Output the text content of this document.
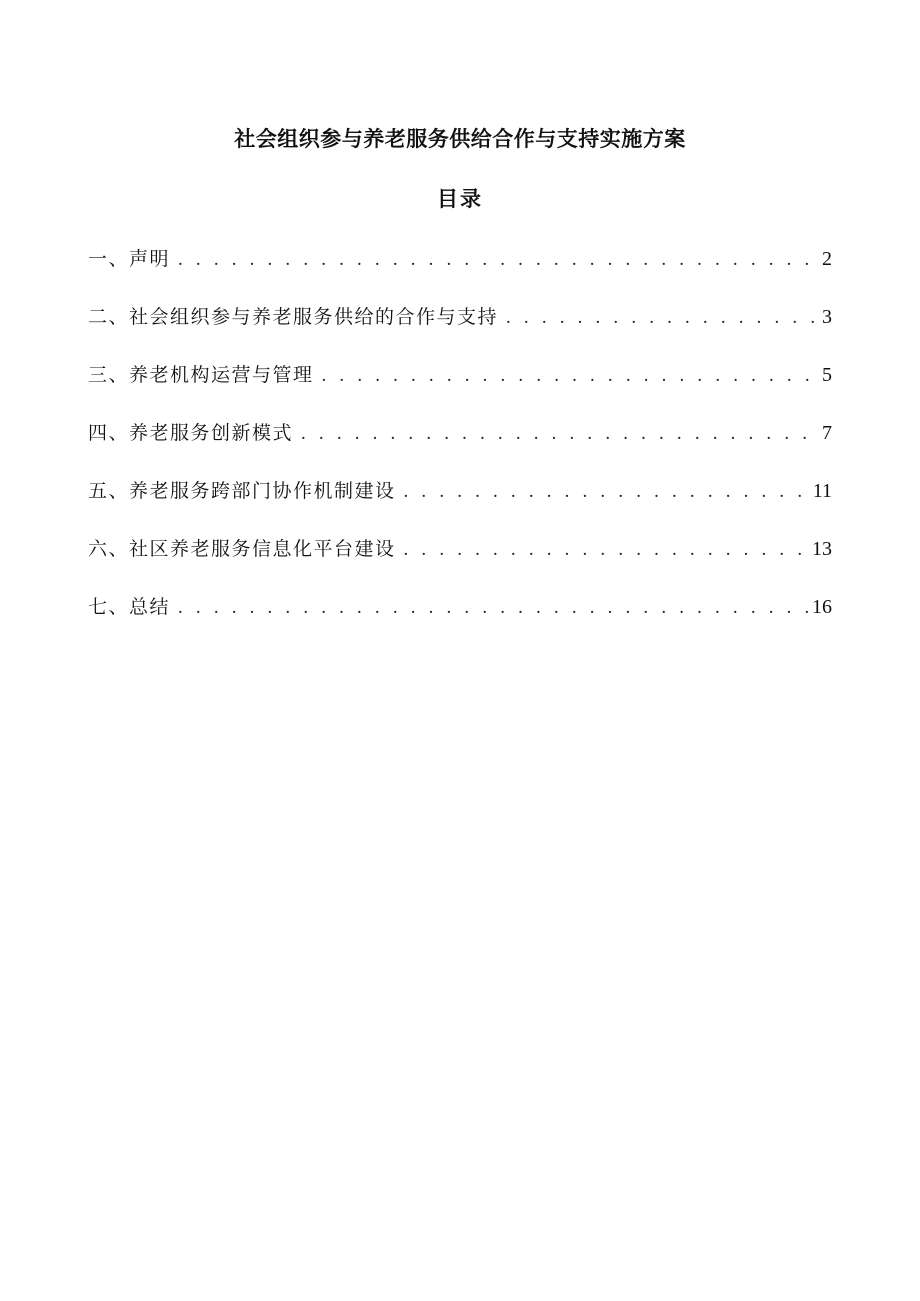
社会组织参与养老服务供给合作与支持实施方案
目录
一、声明 . . .	2
二、社会组织参与养老服务供给的合作与支持 . . .	3
三、养老机构运营与管理 . . .	5
四、养老服务创新模式 . . .	7
五、养老服务跨部门协作机制建设 . . .	11
六、社区养老服务信息化平台建设 . . .	13
七、总结 . . .	16
